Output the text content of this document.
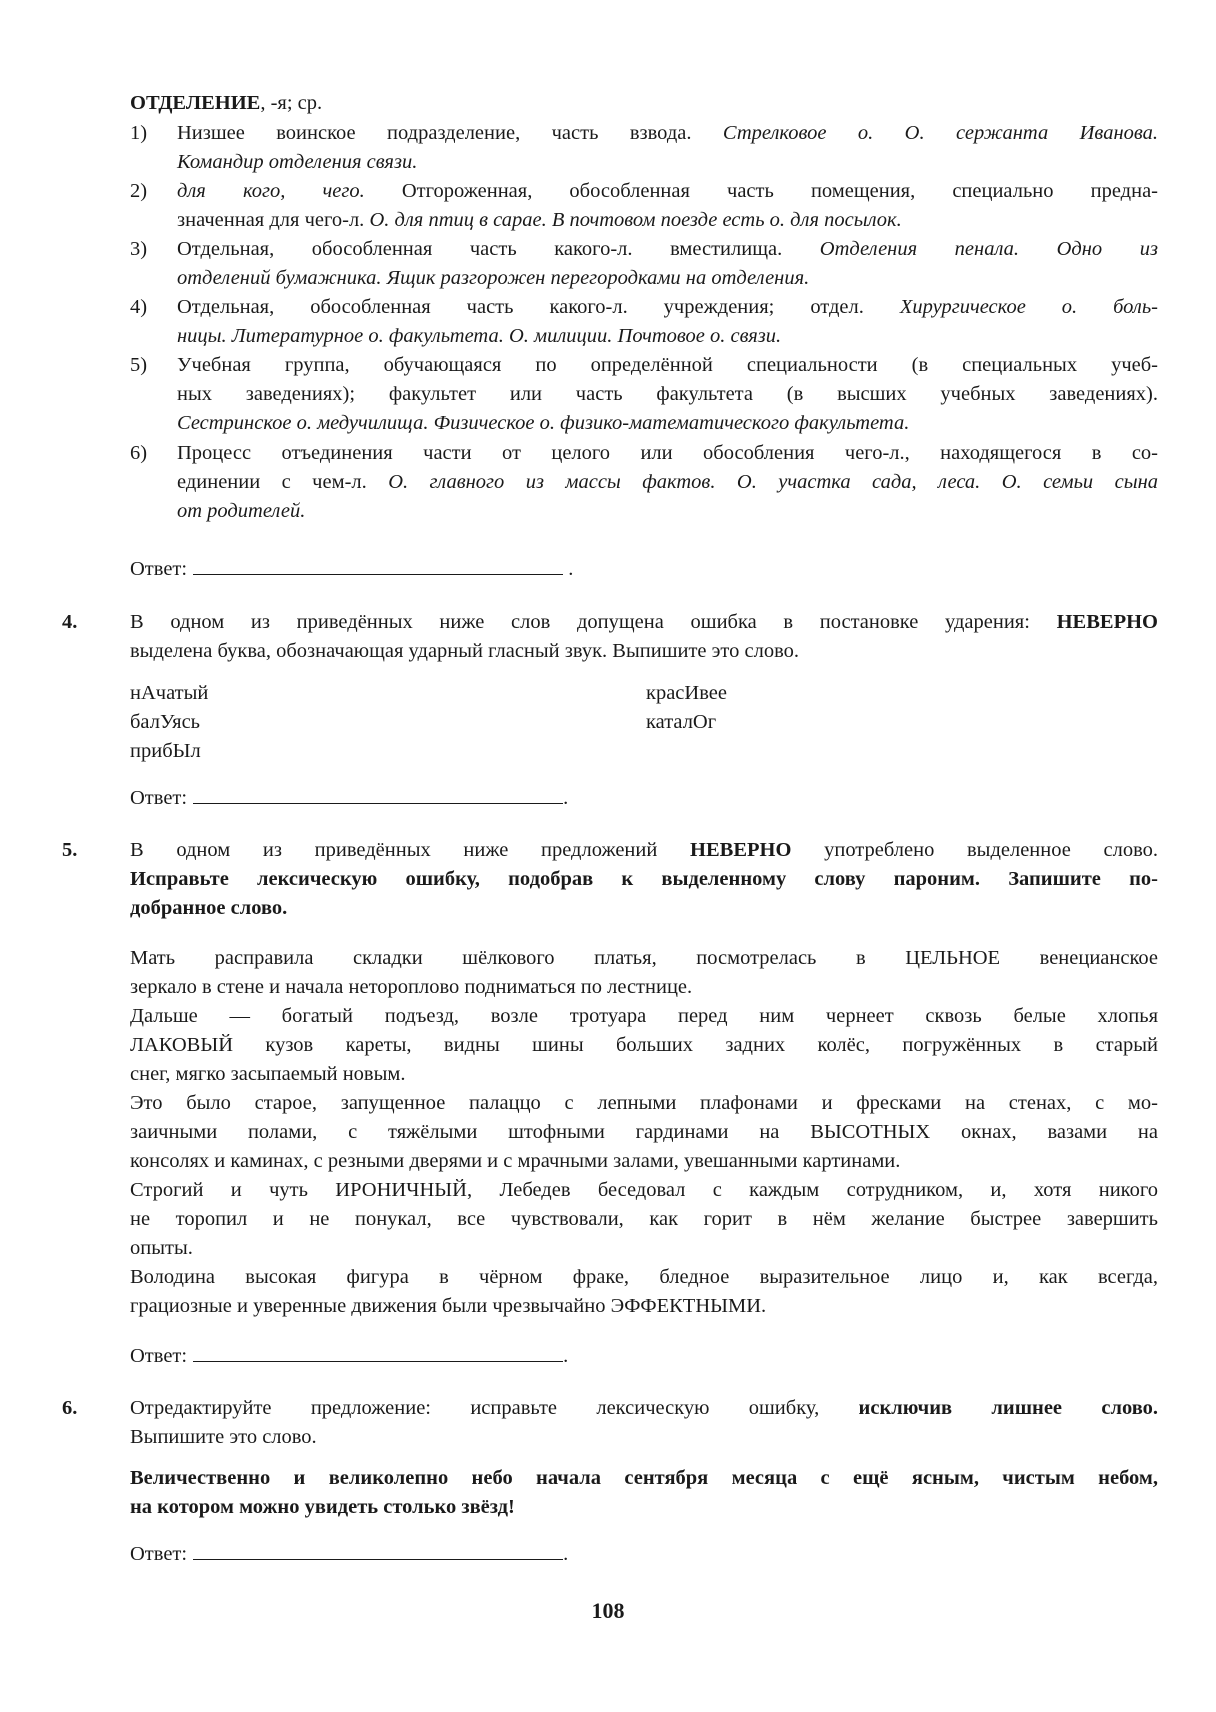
ОТДЕЛЕНИЕ, -я; ср.
1) Низшее воинское подразделение, часть взвода. Стрелковое о. О. сержанта Иванова.
Командир отделения связи.
2) для кого, чего. Отгороженная, обособленная часть помещения, специально предна-
значенная для чего-л. О. для птиц в сарае. В почтовом поезде есть о. для посылок.
3) Отдельная, обособленная часть какого-л. вместилища. Отделения пенала. Одно из
отделений бумажника. Ящик разгорожен перегородками на отделения.
4) Отдельная, обособленная часть какого-л. учреждения; отдел. Хирургическое о. боль-
ницы. Литературное о. факультета. О. милиции. Почтовое о. связи.
5) Учебная группа, обучающаяся по определённой специальности (в специальных учеб-
ных заведениях); факультет или часть факультета (в высших учебных заведениях).
Сестринское о. медучилища. Физическое о. физико-математического факультета.
6) Процесс отъединения части от целого или обособления чего-л., находящегося в со-
единении с чем-л. О. главного из массы фактов. О. участка сада, леса. О. семьи сына
от родителей.
Ответ:	.
4.	В одном из приведённых ниже слов допущена ошибка в постановке ударения: НЕВЕРНО
выделена буква, обозначающая ударный гласный звук. Выпишите это слово.
нАчатый
балУясь
прибЫл
красИвее
каталОг
Ответ:	.
5.	В одном из приведённых ниже предложений НЕВЕРНО употреблено выделенное слово.
Исправьте лексическую ошибку, подобрав к выделенному слову пароним. Запишите по-
добранное слово.
Мать расправила складки шёлкового платья, посмотрелась в ЦЕЛЬНОЕ венецианское
зеркало в стене и начала нетороплово подниматься по лестнице.
Дальше — богатый подъезд, возле тротуара перед ним чернеет сквозь белые хлопья
ЛАКОВЫЙ кузов кареты, видны шины больших задних колёс, погружённых в старый
снег, мягко засыпаемый новым.
Это было старое, запущенное палаццо с лепными плафонами и фресками на стенах, с мо-
заичными полами, с тяжёлыми штофными гардинами на ВЫСОТНЫХ окнах, вазами на
консолях и каминах, с резными дверями и с мрачными залами, увешанными картинами.
Строгий и чуть ИРОНИЧНЫЙ, Лебедев беседовал с каждым сотрудником, и, хотя никого
не торопил и не понукал, все чувствовали, как горит в нём желание быстрее завершить
опыты.
Володина высокая фигура в чёрном фраке, бледное выразительное лицо и, как всегда,
грациозные и уверенные движения были чрезвычайно ЭФФЕКТНЫМИ.
Ответ:	.
6.	Отредактируйте предложение: исправьте лексическую ошибку, исключив лишнее слово.
Выпишите это слово.
Величественно и великолепно небо начала сентября месяца с ещё ясным, чистым небом,
на котором можно увидеть столько звёзд!
Ответ:	.
108
